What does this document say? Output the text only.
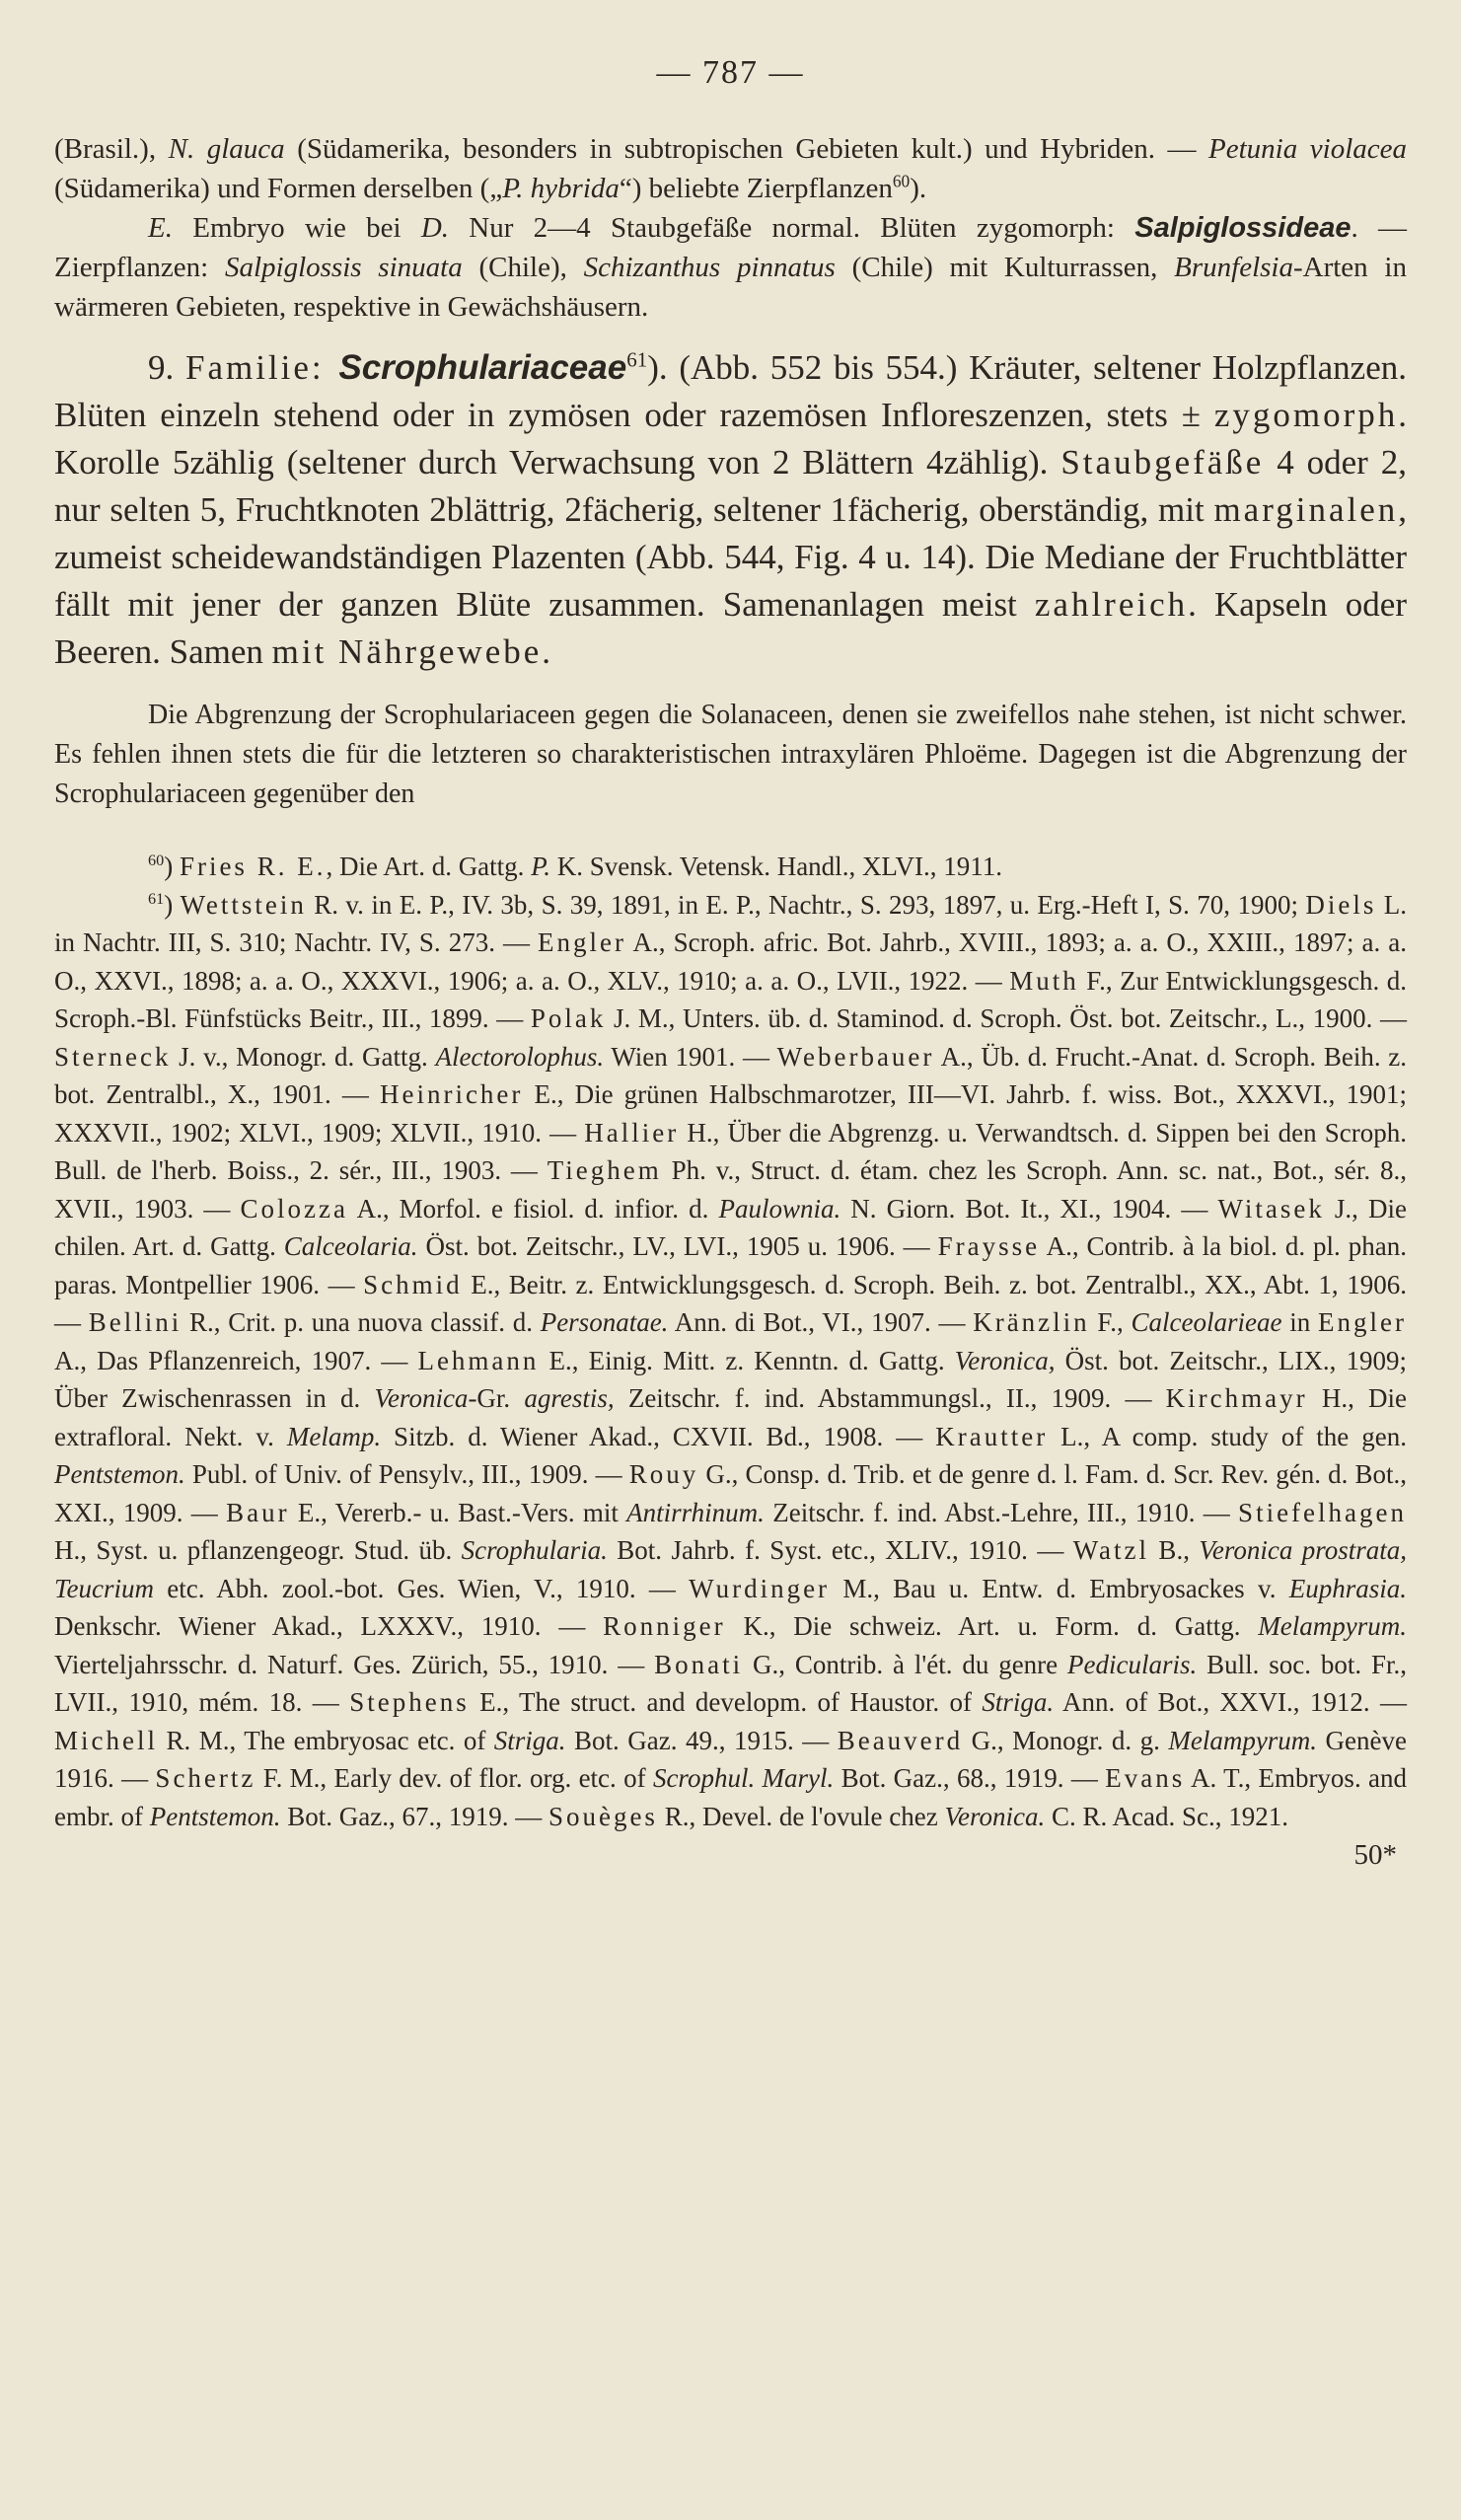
— 787 —

(Brasil.), N. glauca (Südamerika, besonders in subtropischen Gebieten kult.) und Hybriden. — Petunia violacea (Südamerika) und Formen derselben („P. hybrida“) beliebte Zierpflanzen$^{60}$).

E. Embryo wie bei D. Nur 2—4 Staubgefäße normal. Blüten zygomorph: Salpiglossideae. — Zierpflanzen: Salpiglossis sinuata (Chile), Schizanthus pinnatus (Chile) mit Kulturrassen, Brunfelsia-Arten in wärmeren Gebieten, respektive in Gewächshäusern.

9. Familie: Scrophulariaceae$^{61}$). (Abb. 552 bis 554.) Kräuter, seltener Holzpflanzen. Blüten einzeln stehend oder in zymösen oder razemösen Infloreszenzen, stets ± zygomorph. Korolle 5zählig (seltener durch Verwachsung von 2 Blättern 4zählig). Staubgefäße 4 oder 2, nur selten 5, Fruchtknoten 2blättrig, 2fächerig, seltener 1fächerig, oberständig, mit marginalen, zumeist scheidewandständigen Plazenten (Abb. 544, Fig. 4 u. 14). Die Mediane der Fruchtblätter fällt mit jener der ganzen Blüte zusammen. Samenanlagen meist zahlreich. Kapseln oder Beeren. Samen mit Nährgewebe.

Die Abgrenzung der Scrophulariaceen gegen die Solanaceen, denen sie zweifellos nahe stehen, ist nicht schwer. Es fehlen ihnen stets die für die letzteren so charakteristischen intraxylären Phloëme. Dagegen ist die Abgrenzung der Scrophulariaceen gegenüber den

$^{60}$) Fries R. E., Die Art. d. Gattg. P. K. Svensk. Vetensk. Handl., XLVI., 1911.

$^{61}$) Wettstein R. v. in E. P., IV. 3b, S. 39, 1891, in E. P., Nachtr., S. 293, 1897, u. Erg.-Heft I, S. 70, 1900; Diels L. in Nachtr. III, S. 310; Nachtr. IV, S. 273. — Engler A., Scroph. afric. Bot. Jahrb., XVIII., 1893; a. a. O., XXIII., 1897; a. a. O., XXVI., 1898; a. a. O., XXXVI., 1906; a. a. O., XLV., 1910; a. a. O., LVII., 1922. — Muth F., Zur Entwicklungsgesch. d. Scroph.-Bl. Fünfstücks Beitr., III., 1899. — Polak J. M., Unters. üb. d. Staminod. d. Scroph. Öst. bot. Zeitschr., L., 1900. — Sterneck J. v., Monogr. d. Gattg. Alectorolophus. Wien 1901. — Weberbauer A., Üb. d. Frucht.-Anat. d. Scroph. Beih. z. bot. Zentralbl., X., 1901. — Heinricher E., Die grünen Halbschmarotzer, III—VI. Jahrb. f. wiss. Bot., XXXVI., 1901; XXXVII., 1902; XLVI., 1909; XLVII., 1910. — Hallier H., Über die Abgrenzg. u. Verwandtsch. d. Sippen bei den Scroph. Bull. de l'herb. Boiss., 2. sér., III., 1903. — Tieghem Ph. v., Struct. d. étam. chez les Scroph. Ann. sc. nat., Bot., sér. 8., XVII., 1903. — Colozza A., Morfol. e fisiol. d. infior. d. Paulownia. N. Giorn. Bot. It., XI., 1904. — Witasek J., Die chilen. Art. d. Gattg. Calceolaria. Öst. bot. Zeitschr., LV., LVI., 1905 u. 1906. — Fraysse A., Contrib. à la biol. d. pl. phan. paras. Montpellier 1906. — Schmid E., Beitr. z. Entwicklungsgesch. d. Scroph. Beih. z. bot. Zentralbl., XX., Abt. 1, 1906. — Bellini R., Crit. p. una nuova classif. d. Personatae. Ann. di Bot., VI., 1907. — Kränzlin F., Calceolarieae in Engler A., Das Pflanzenreich, 1907. — Lehmann E., Einig. Mitt. z. Kenntn. d. Gattg. Veronica, Öst. bot. Zeitschr., LIX., 1909; Über Zwischenrassen in d. Veronica-Gr. agrestis, Zeitschr. f. ind. Abstammungsl., II., 1909. — Kirchmayr H., Die extrafloral. Nekt. v. Melamp. Sitzb. d. Wiener Akad., CXVII. Bd., 1908. — Krautter L., A comp. study of the gen. Pentstemon. Publ. of Univ. of Pensylv., III., 1909. — Rouy G., Consp. d. Trib. et de genre d. l. Fam. d. Scr. Rev. gén. d. Bot., XXI., 1909. — Baur E., Vererb.- u. Bast.-Vers. mit Antirrhinum. Zeitschr. f. ind. Abst.-Lehre, III., 1910. — Stiefelhagen H., Syst. u. pflanzengeogr. Stud. üb. Scrophularia. Bot. Jahrb. f. Syst. etc., XLIV., 1910. — Watzl B., Veronica prostrata, Teucrium etc. Abh. zool.-bot. Ges. Wien, V., 1910. — Wurdinger M., Bau u. Entw. d. Embryosackes v. Euphrasia. Denkschr. Wiener Akad., LXXXV., 1910. — Ronniger K., Die schweiz. Art. u. Form. d. Gattg. Melampyrum. Vierteljahrsschr. d. Naturf. Ges. Zürich, 55., 1910. — Bonati G., Contrib. à l'ét. du genre Pedicularis. Bull. soc. bot. Fr., LVII., 1910, mém. 18. — Stephens E., The struct. and developm. of Haustor. of Striga. Ann. of Bot., XXVI., 1912. — Michell R. M., The embryosac etc. of Striga. Bot. Gaz. 49., 1915. — Beauverd G., Monogr. d. g. Melampyrum. Genève 1916. — Schertz F. M., Early dev. of flor. org. etc. of Scrophul. Maryl. Bot. Gaz., 68., 1919. — Evans A. T., Embryos. and embr. of Pentstemon. Bot. Gaz., 67., 1919. — Souèges R., Devel. de l'ovule chez Veronica. C. R. Acad. Sc., 1921.

50*
